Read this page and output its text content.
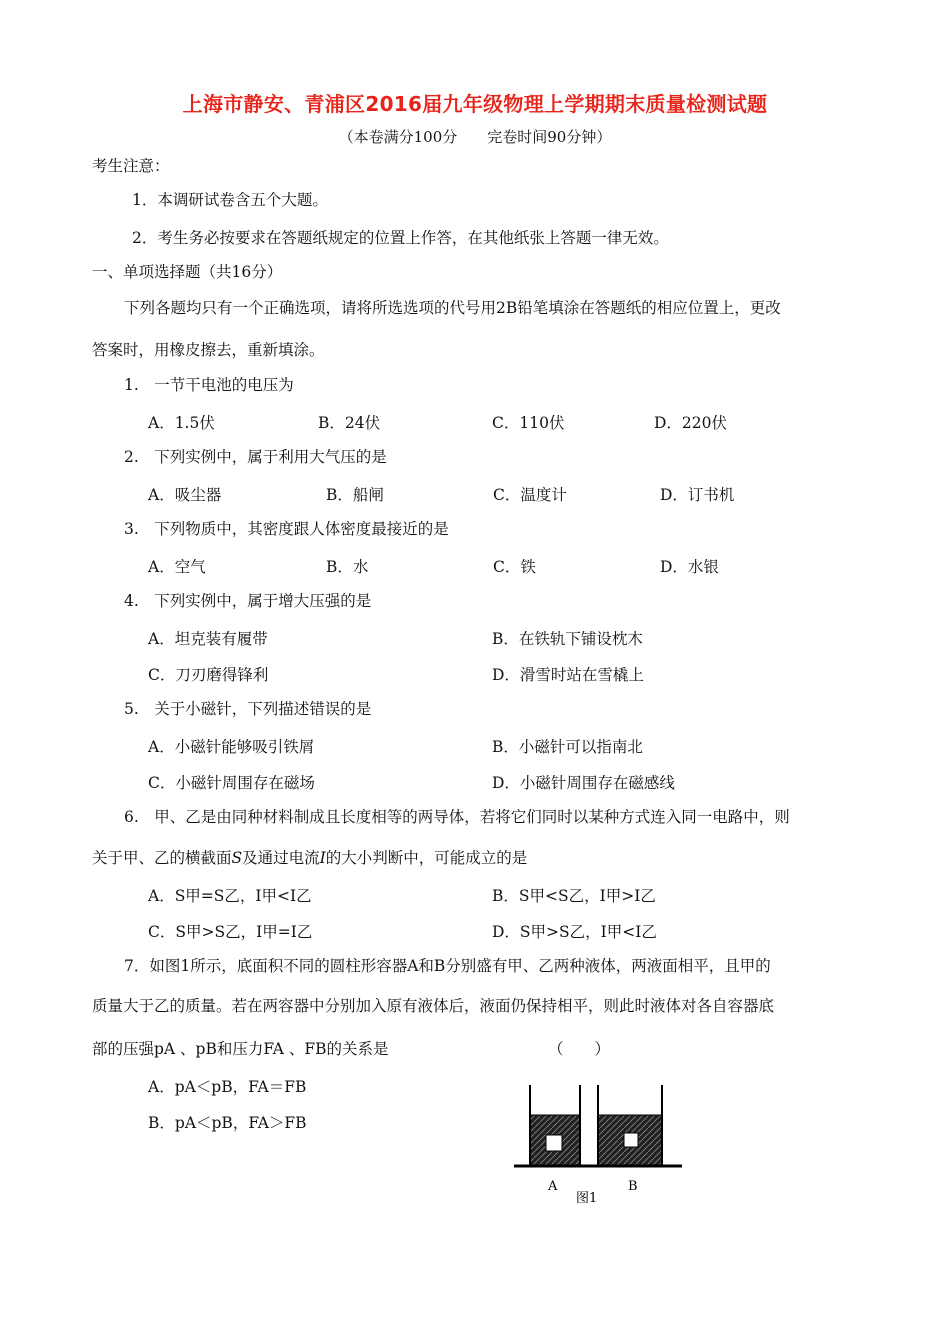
上海市静安、青浦区2016届九年级物理上学期期末质量检测试题
（本卷满分100分　　完卷时间90分钟）
考生注意：
1．本调研试卷含五个大题。
2．考生务必按要求在答题纸规定的位置上作答，在其他纸张上答题一律无效。
一、单项选择题（共16分）
下列各题均只有一个正确选项，请将所选选项的代号用2B铅笔填涂在答题纸的相应位置上，更改
答案时，用橡皮擦去，重新填涂。
1.　一节干电池的电压为
A．1.5伏	B．24伏	C．110伏	D．220伏
2.　下列实例中，属于利用大气压的是
A．吸尘器	B．船闸	C．温度计	D．订书机
3.　下列物质中，其密度跟人体密度最接近的是
A．空气	B．水	C．铁	D．水银
4.　下列实例中，属于增大压强的是
A．坦克装有履带	B．在铁轨下铺设枕木
C．刀刃磨得锋利	D．滑雪时站在雪橇上
5.　关于小磁针，下列描述错误的是
A．小磁针能够吸引铁屑	B．小磁针可以指南北
C．小磁针周围存在磁场	D．小磁针周围存在磁感线
6.　甲、乙是由同种材料制成且长度相等的两导体，若将它们同时以某种方式连入同一电路中，则
关于甲、乙的横截面S及通过电流I的大小判断中，可能成立的是
A．S甲=S乙，I甲<I乙	B．S甲<S乙，I甲>I乙
C．S甲>S乙，I甲=I乙	D．S甲>S乙，I甲<I乙
7．如图1所示，底面积不同的圆柱形容器A和B分别盛有甲、乙两种液体，两液面相平，且甲的
质量大于乙的质量。若在两容器中分别加入原有液体后，液面仍保持相平，则此时液体对各自容器底
部的压强pA 、pB和压力FA 、FB的关系是	（　　）
A．pA＜pB，FA＝FB
B．pA＜pB，FA＞FB
A	B
图1
